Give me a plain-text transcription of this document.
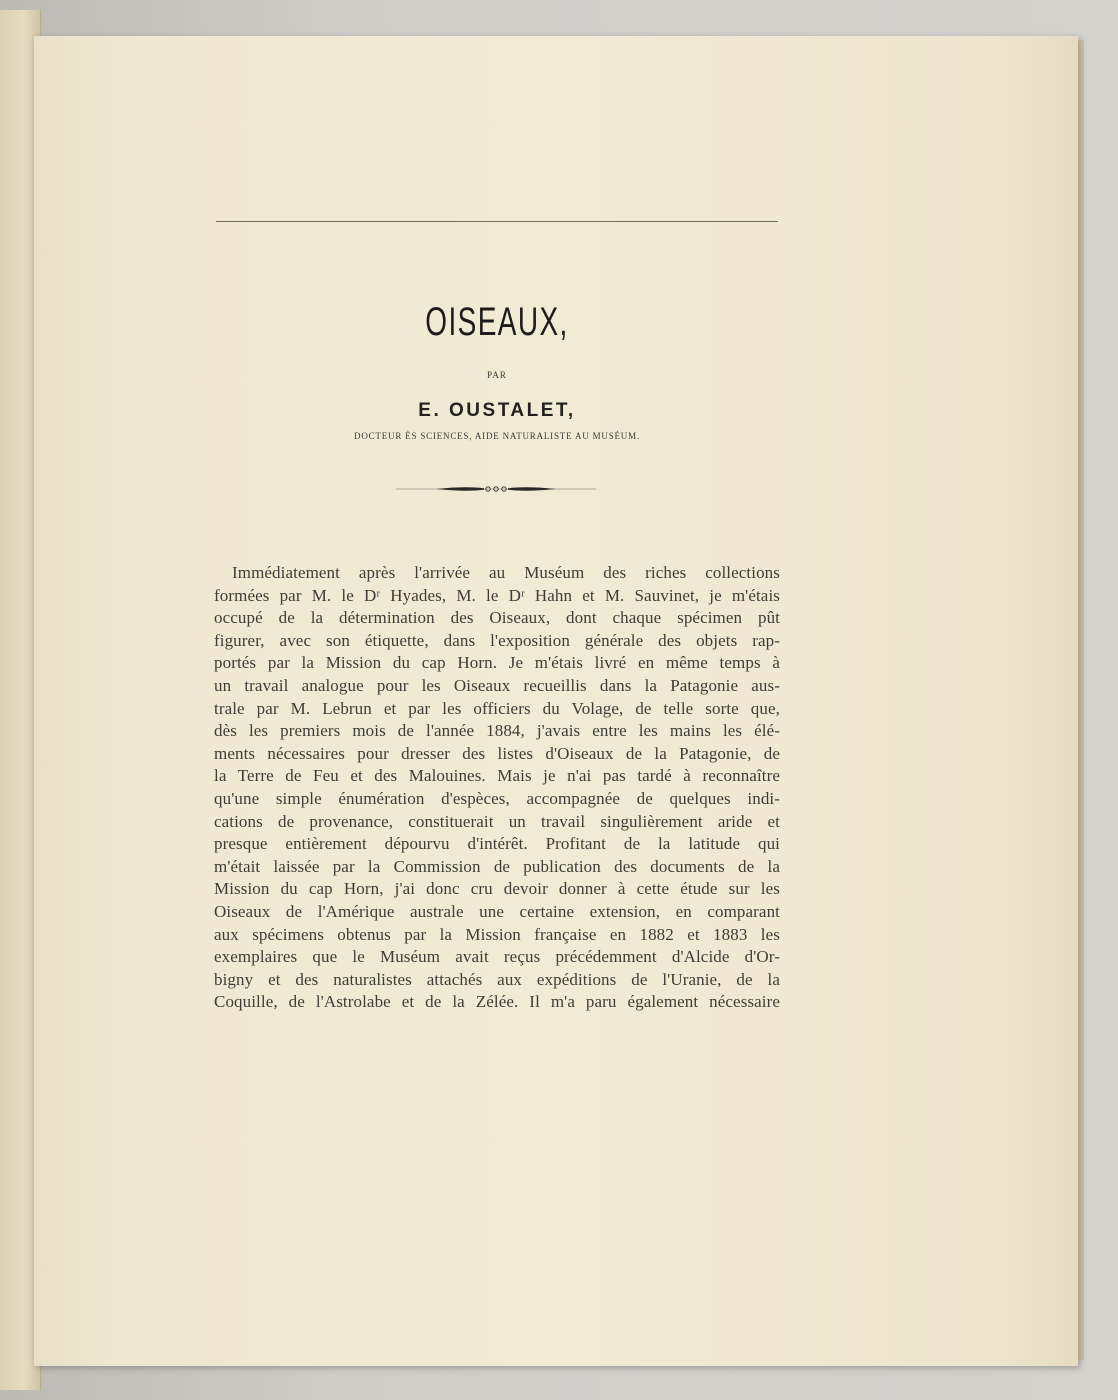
OISEAUX,
PAR
E. OUSTALET,
DOCTEUR ÈS SCIENCES, AIDE NATURALISTE AU MUSÉUM.
Immédiatement après l'arrivée au Muséum des riches collections
formées par M. le Dʳ Hyades, M. le Dʳ Hahn et M. Sauvinet, je m'étais
occupé de la détermination des Oiseaux, dont chaque spécimen pût
figurer, avec son étiquette, dans l'exposition générale des objets rap-
portés par la Mission du cap Horn. Je m'étais livré en même temps à
un travail analogue pour les Oiseaux recueillis dans la Patagonie aus-
trale par M. Lebrun et par les officiers du Volage, de telle sorte que,
dès les premiers mois de l'année 1884, j'avais entre les mains les élé-
ments nécessaires pour dresser des listes d'Oiseaux de la Patagonie, de
la Terre de Feu et des Malouines. Mais je n'ai pas tardé à reconnaître
qu'une simple énumération d'espèces, accompagnée de quelques indi-
cations de provenance, constituerait un travail singulièrement aride et
presque entièrement dépourvu d'intérêt. Profitant de la latitude qui
m'était laissée par la Commission de publication des documents de la
Mission du cap Horn, j'ai donc cru devoir donner à cette étude sur les
Oiseaux de l'Amérique australe une certaine extension, en comparant
aux spécimens obtenus par la Mission française en 1882 et 1883 les
exemplaires que le Muséum avait reçus précédemment d'Alcide d'Or-
bigny et des naturalistes attachés aux expéditions de l'Uranie, de la
Coquille, de l'Astrolabe et de la Zélée. Il m'a paru également nécessaire
